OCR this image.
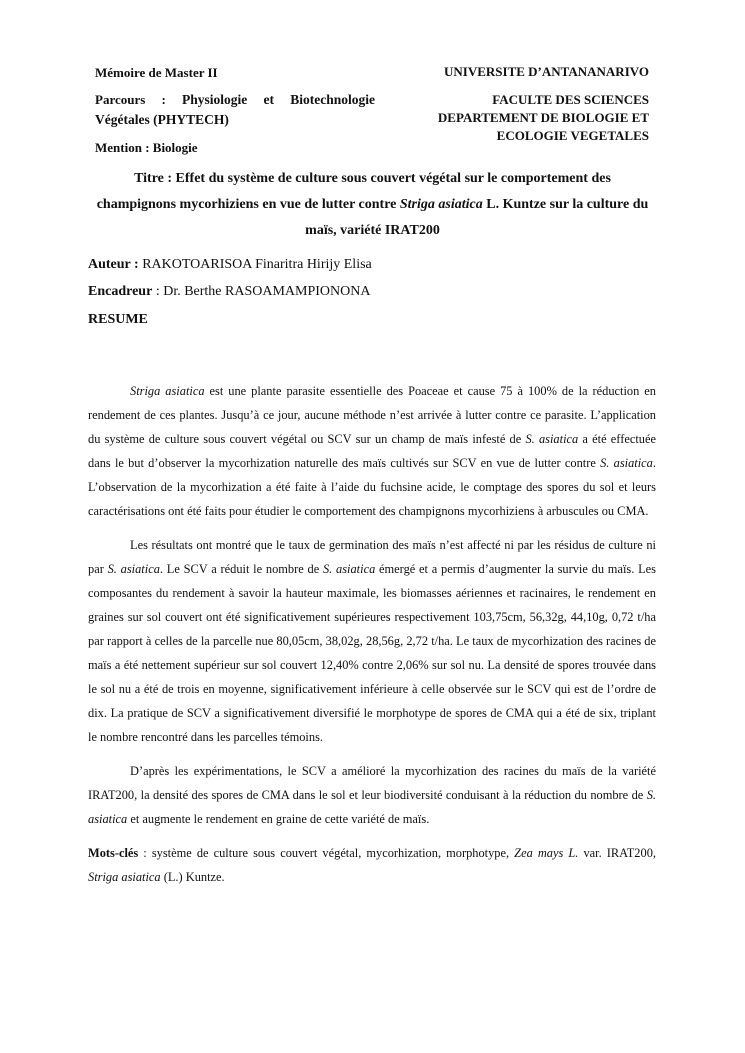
Mémoire de Master II
Parcours : Physiologie et Biotechnologie Végétales (PHYTECH)
Mention : Biologie
UNIVERSITE D’ANTANANARIVO
FACULTE DES SCIENCES
DEPARTEMENT DE BIOLOGIE ET ECOLOGIE VEGETALES
Titre : Effet du système de culture sous couvert végétal sur le comportement des champignons mycorhiziens en vue de lutter contre Striga asiatica L. Kuntze sur la culture du maïs, variété IRAT200
Auteur : RAKOTOARISOA Finaritra Hirijy Elisa
Encadreur : Dr. Berthe RASOAMAMPIONONA
RESUME

Striga asiatica est une plante parasite essentielle des Poaceae et cause 75 à 100% de la réduction en rendement de ces plantes. Jusqu’à ce jour, aucune méthode n’est arrivée à lutter contre ce parasite. L’application du système de culture sous couvert végétal ou SCV sur un champ de maïs infesté de S. asiatica a été effectuée dans le but d’observer la mycorhization naturelle des maïs cultivés sur SCV en vue de lutter contre S. asiatica. L’observation de la mycorhization a été faite à l’aide du fuchsine acide, le comptage des spores du sol et leurs caractérisations ont été faits pour étudier le comportement des champignons mycorhiziens à arbuscules ou CMA.

Les résultats ont montré que le taux de germination des maïs n’est affecté ni par les résidus de culture ni par S. asiatica. Le SCV a réduit le nombre de S. asiatica émergé et a permis d’augmenter la survie du maïs. Les composantes du rendement à savoir la hauteur maximale, les biomasses aériennes et racinaires, le rendement en graines sur sol couvert ont été significativement supérieures respectivement 103,75cm, 56,32g, 44,10g, 0,72 t/ha par rapport à celles de la parcelle nue 80,05cm, 38,02g, 28,56g, 2,72 t/ha. Le taux de mycorhization des racines de maïs a été nettement supérieur sur sol couvert 12,40% contre 2,06% sur sol nu. La densité de spores trouvée dans le sol nu a été de trois en moyenne, significativement inférieure à celle observée sur le SCV qui est de l’ordre de dix. La pratique de SCV a significativement diversifié le morphotype de spores de CMA qui a été de six, triplant le nombre rencontré dans les parcelles témoins.

D’après les expérimentations, le SCV a amélioré la mycorhization des racines du maïs de la variété IRAT200, la densité des spores de CMA dans le sol et leur biodiversité conduisant à la réduction du nombre de S. asiatica et augmente le rendement en graine de cette variété de maïs.

Mots-clés : système de culture sous couvert végétal, mycorhization, morphotype, Zea mays L. var. IRAT200, Striga asiatica (L.) Kuntze.
